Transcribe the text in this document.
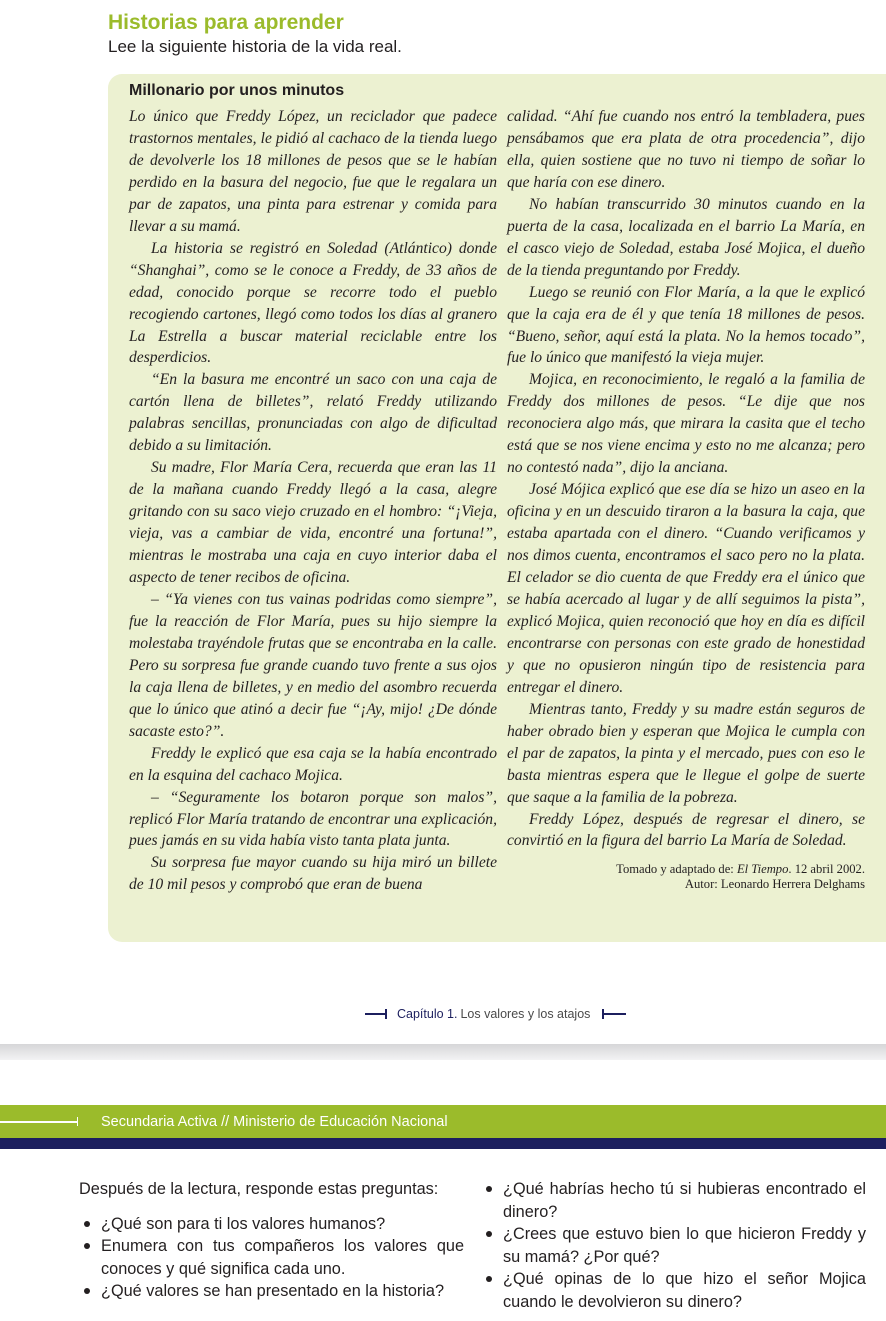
Historias para aprender

Lee la siguiente historia de la vida real.

Millonario por unos minutos

Lo único que Freddy López, un reciclador que padece trastornos mentales, le pidió al cachaco de la tienda luego de devolverle los 18 millones de pesos que se le habían perdido en la basura del negocio, fue que le regalara un par de zapatos, una pinta para estrenar y comida para llevar a su mamá.

La historia se registró en Soledad (Atlántico) donde “Shanghai”, como se le conoce a Freddy, de 33 años de edad, conocido porque se recorre todo el pueblo recogiendo cartones, llegó como todos los días al granero La Estrella a buscar material reciclable entre los desperdicios.

“En la basura me encontré un saco con una caja de cartón llena de billetes”, relató Freddy utilizando palabras sencillas, pronunciadas con algo de dificultad debido a su limitación.

Su madre, Flor María Cera, recuerda que eran las 11 de la mañana cuando Freddy llegó a la casa, alegre gritando con su saco viejo cruzado en el hombro: “¡Vieja, vieja, vas a cambiar de vida, encontré una fortuna!”, mientras le mostraba una caja en cuyo interior daba el aspecto de tener recibos de oficina.

– “Ya vienes con tus vainas podridas como siempre”, fue la reacción de Flor María, pues su hijo siempre la molestaba trayéndole frutas que se encontraba en la calle. Pero su sorpresa fue grande cuando tuvo frente a sus ojos la caja llena de billetes, y en medio del asombro recuerda que lo único que atinó a decir fue “¡Ay, mijo! ¿De dónde sacaste esto?”.

Freddy le explicó que esa caja se la había encontrado en la esquina del cachaco Mojica.

– “Seguramente los botaron porque son malos”, replicó Flor María tratando de encontrar una explicación, pues jamás en su vida había visto tanta plata junta.

Su sorpresa fue mayor cuando su hija miró un billete de 10 mil pesos y comprobó que eran de buena

calidad. “Ahí fue cuando nos entró la tembladera, pues pensábamos que era plata de otra procedencia”, dijo ella, quien sostiene que no tuvo ni tiempo de soñar lo que haría con ese dinero.

No habían transcurrido 30 minutos cuando en la puerta de la casa, localizada en el barrio La María, en el casco viejo de Soledad, estaba José Mojica, el dueño de la tienda preguntando por Freddy.

Luego se reunió con Flor María, a la que le explicó que la caja era de él y que tenía 18 millones de pesos. “Bueno, señor, aquí está la plata. No la hemos tocado”, fue lo único que manifestó la vieja mujer.

Mojica, en reconocimiento, le regaló a la familia de Freddy dos millones de pesos. “Le dije que nos reconociera algo más, que mirara la casita que el techo está que se nos viene encima y esto no me alcanza; pero no contestó nada”, dijo la anciana.

José Mójica explicó que ese día se hizo un aseo en la oficina y en un descuido tiraron a la basura la caja, que estaba apartada con el dinero. “Cuando verificamos y nos dimos cuenta, encontramos el saco pero no la plata. El celador se dio cuenta de que Freddy era el único que se había acercado al lugar y de allí seguimos la pista”, explicó Mojica, quien reconoció que hoy en día es difícil encontrarse con personas con este grado de honestidad y que no opusieron ningún tipo de resistencia para entregar el dinero.

Mientras tanto, Freddy y su madre están seguros de haber obrado bien y esperan que Mojica le cumpla con el par de zapatos, la pinta y el mercado, pues con eso le basta mientras espera que le llegue el golpe de suerte que saque a la familia de la pobreza.

Freddy López, después de regresar el dinero, se convirtió en la figura del barrio La María de Soledad.

Tomado y adaptado de: El Tiempo. 12 abril 2002.

Autor: Leonardo Herrera Delghams

Capítulo 1. Los valores y los atajos
Secundaria Activa // Ministerio de Educación Nacional

Después de la lectura, responde estas preguntas:

¿Qué son para ti los valores humanos?
Enumera con tus compañeros los valores que conoces y qué significa cada uno.
¿Qué valores se han presentado en la historia?
¿Qué habrías hecho tú si hubieras encontrado el dinero?
¿Crees que estuvo bien lo que hicieron Freddy y su mamá? ¿Por qué?
¿Qué opinas de lo que hizo el señor Mojica cuando le devolvieron su dinero?
